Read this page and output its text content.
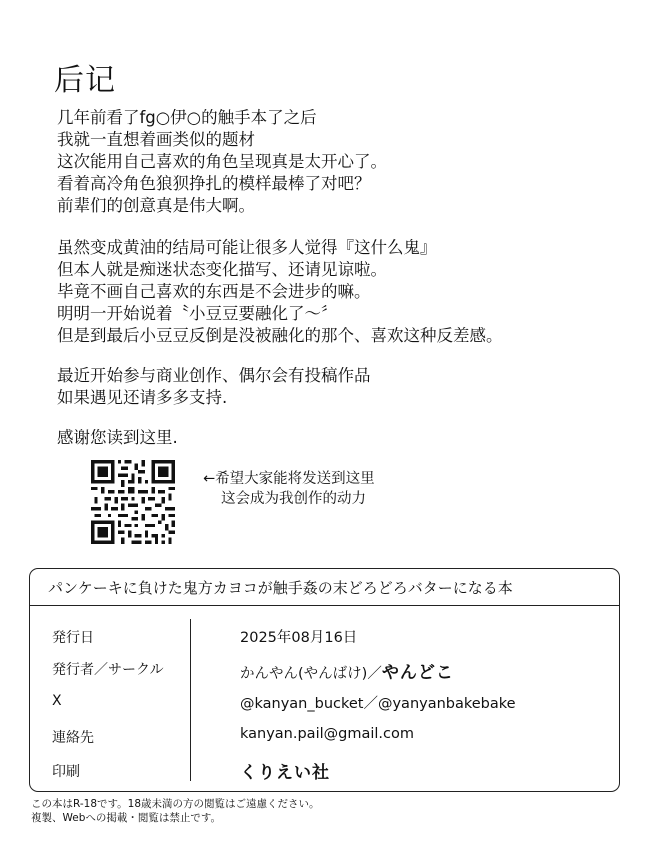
后记
几年前看了fg○伊○的触手本了之后
我就一直想着画类似的题材
这次能用自己喜欢的角色呈现真是太开心了。
看着高冷角色狼狈挣扎的模样最棒了对吧？
前辈们的创意真是伟大啊。
虽然变成黄油的结局可能让很多人觉得『这什么鬼』
但本人就是痴迷状态变化描写、还请见谅啦。
毕竟不画自己喜欢的东西是不会进步的嘛。
明明一开始说着〝小豆豆要融化了〜〞
但是到最后小豆豆反倒是没被融化的那个、喜欢这种反差感。
最近开始参与商业创作、偶尔会有投稿作品
如果遇见还请多多支持.
感谢您读到这里.
←希望大家能将发送到这里
这会成为我创作的动力
パンケーキに負けた鬼方カヨコが触手姦の末どろどろバターになる本
発行日	2025年08月16日
発行者／サークル	かんやん(やんばけ)／やんどこ
X	@kanyan_bucket／@yanyanbakebake
連絡先	kanyan.pail@gmail.com
印刷	くりえい社
この本はR-18です。18歳未満の方の閲覧はご遠慮ください。
複製、Webへの掲載・閲覧は禁止です。
